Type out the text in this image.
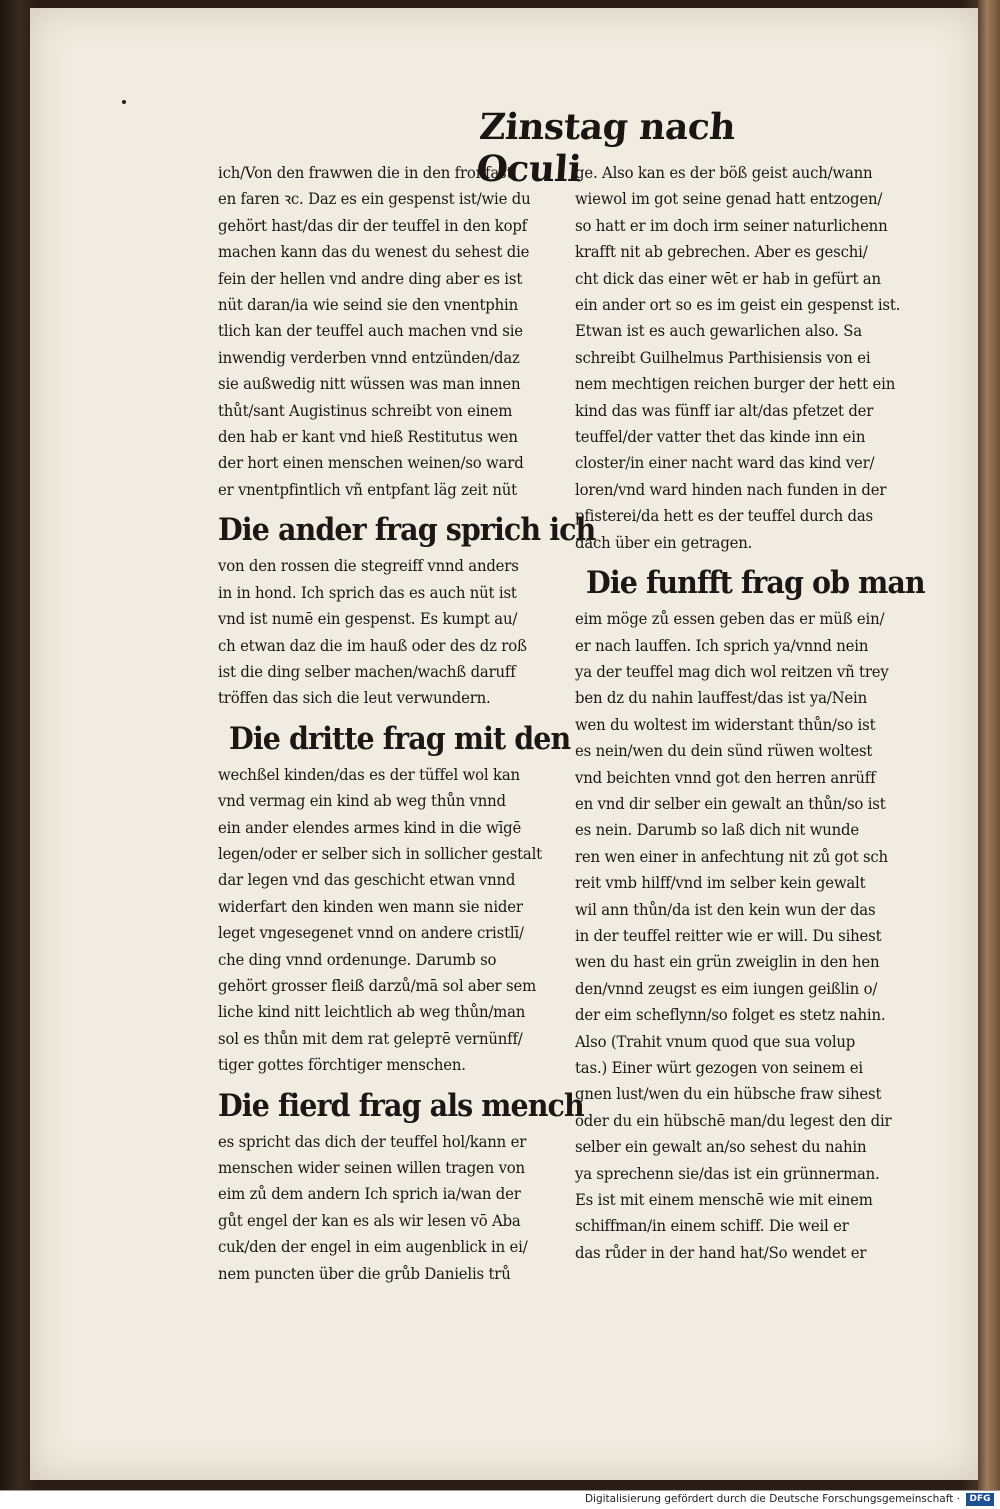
Zinstag nach Oculi
ich/Von den frawwen die in den fronfast
en faren ꝛc. Daz es ein gespenst ist/wie du
gehört hast/das dir der teuffel in den kopf
machen kann das du wenest du sehest die
fein der hellen vnd andre ding aber es ist
nüt daran/ia wie seind sie den vnentphin
tlich kan der teuffel auch machen vnd sie
inwendig verderben vnnd entzünden/daz
sie außwedig nitt wüssen was man innen
thůt/sant Augistinus schreibt von einem
den hab er kant vnd hieß Restitutus wen
der hort einen menschen weinen/so ward
er vnentpfintlich vñ entpfant läg zeit nüt
Die ander frag sprich ich
von den rossen die stegreiff vnnd anders
in in hond. Ich sprich das es auch nüt ist
vnd ist numē ein gespenst. Es kumpt au/
ch etwan daz die im hauß oder des dz roß
ist die ding selber machen/wachß daruff
tröffen das sich die leut verwundern.
Die dritte frag mit den
wechßel kinden/das es der tüffel wol kan
vnd vermag ein kind ab weg thůn vnnd
ein ander elendes armes kind in die wīgē
legen/oder er selber sich in sollicher gestalt
dar legen vnd das geschicht etwan vnnd
widerfart den kinden wen mann sie nider
leget vngesegenet vnnd on andere cristlī/
che ding vnnd ordenunge. Darumb so
gehört grosser fleiß darzů/mā sol aber sem
liche kind nitt leichtlich ab weg thůn/man
sol es thůn mit dem rat geleртē vernünff/
tiger gottes förchtiger menschen.
Die fierd frag als mench
es spricht das dich der teuffel hol/kann er
menschen wider seinen willen tragen von
eim zů dem andern Ich sprich ia/wan der
gůt engel der kan es als wir lesen vō Aba
cuk/den der engel in eim augenblick in ei/
nem puncten über die grůb Danielis trů
ge. Also kan es der böß geist auch/wann
wiewol im got seine genad hatt entzogen/
so hatt er im doch irm seiner naturlichenn
krafft nit ab gebrechen. Aber es geschi/
cht dick das einer wēt er hab in gefürt an
ein ander ort so es im geist ein gespenst ist.
Etwan ist es auch gewarlichen also. Sa
schreibt Guilhelmus Parthisiensis von ei
nem mechtigen reichen burger der hett ein
kind das was fünff iar alt/das pfetzet der
teuffel/der vatter thet das kinde inn ein
closter/in einer nacht ward das kind ver/
loren/vnd ward hinden nach funden in der
pfisterei/da hett es der teuffel durch das
dach über ein getragen.
Die funfft frag ob man
eim möge zů essen geben das er müß ein/
er nach lauffen. Ich sprich ya/vnnd nein
ya der teuffel mag dich wol reitzen vñ trey
ben dz du nahin lauffest/das ist ya/Nein
wen du woltest im widerstant thůn/so ist
es nein/wen du dein sünd rüwen woltest
vnd beichten vnnd got den herren anrüff
en vnd dir selber ein gewalt an thůn/so ist
es nein. Darumb so laß dich nit wunde
ren wen einer in anfechtung nit zů got sch
reit vmb hilff/vnd im selber kein gewalt
wil ann thůn/da ist den kein wun der das
in der teuffel reitter wie er will. Du sihest
wen du hast ein grün zweiglin in den hen
den/vnnd zeugst es eim iungen geißlin o/
der eim scheflynn/so folget es stetz nahin.
Also (Trahit vnum quod que sua volup
tas.) Einer würt gezogen von seinem ei
gnen lust/wen du ein hübsche fraw sihest
oder du ein hübschē man/du legest den dir
selber ein gewalt an/so sehest du nahin
ya sprechenn sie/das ist ein grünnerman.
Es ist mit einem menschē wie mit einem
schiffman/in einem schiff. Die weil er
das růder in der hand hat/So wendet er
Digitalisierung gefördert durch die Deutsche Forschungsgemeinschaft ·	DFG
